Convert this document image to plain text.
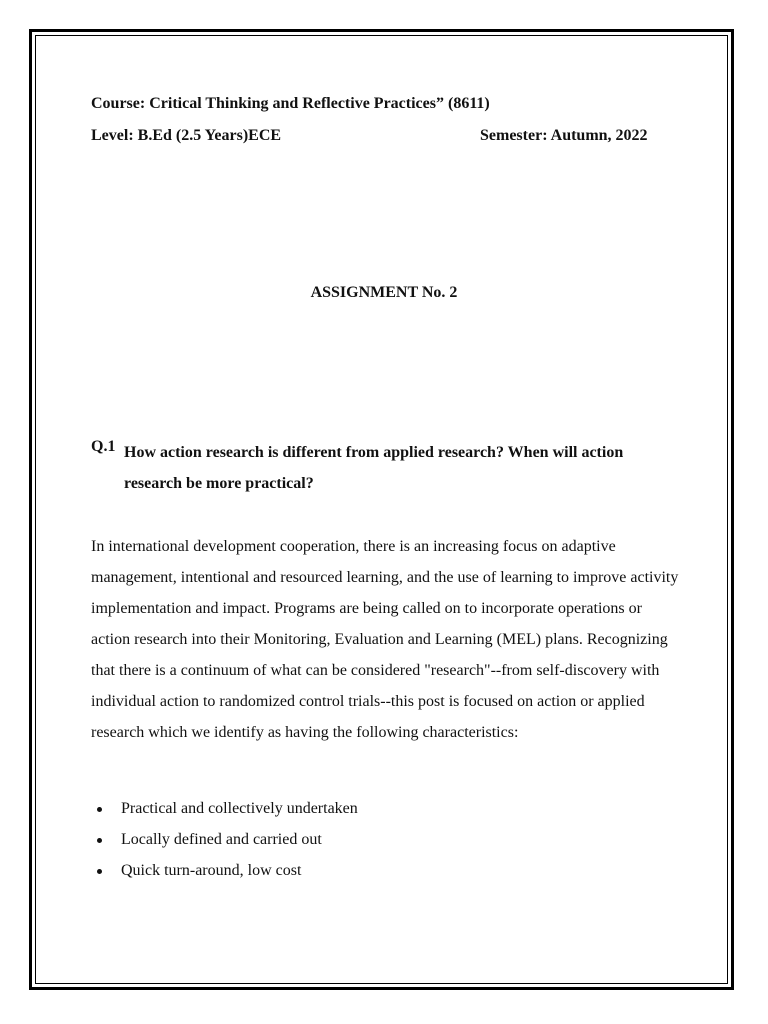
Course: Critical Thinking and Reflective Practices” (8611)
Level: B.Ed (2.5 Years)ECE	Semester: Autumn, 2022
ASSIGNMENT No. 2
Q.1 How action research is different from applied research? When will action research be more practical?
In international development cooperation, there is an increasing focus on adaptive management, intentional and resourced learning, and the use of learning to improve activity implementation and impact. Programs are being called on to incorporate operations or action research into their Monitoring, Evaluation and Learning (MEL) plans. Recognizing that there is a continuum of what can be considered "research"--from self-discovery with individual action to randomized control trials--this post is focused on action or applied research which we identify as having the following characteristics:
Practical and collectively undertaken
Locally defined and carried out
Quick turn-around, low cost
